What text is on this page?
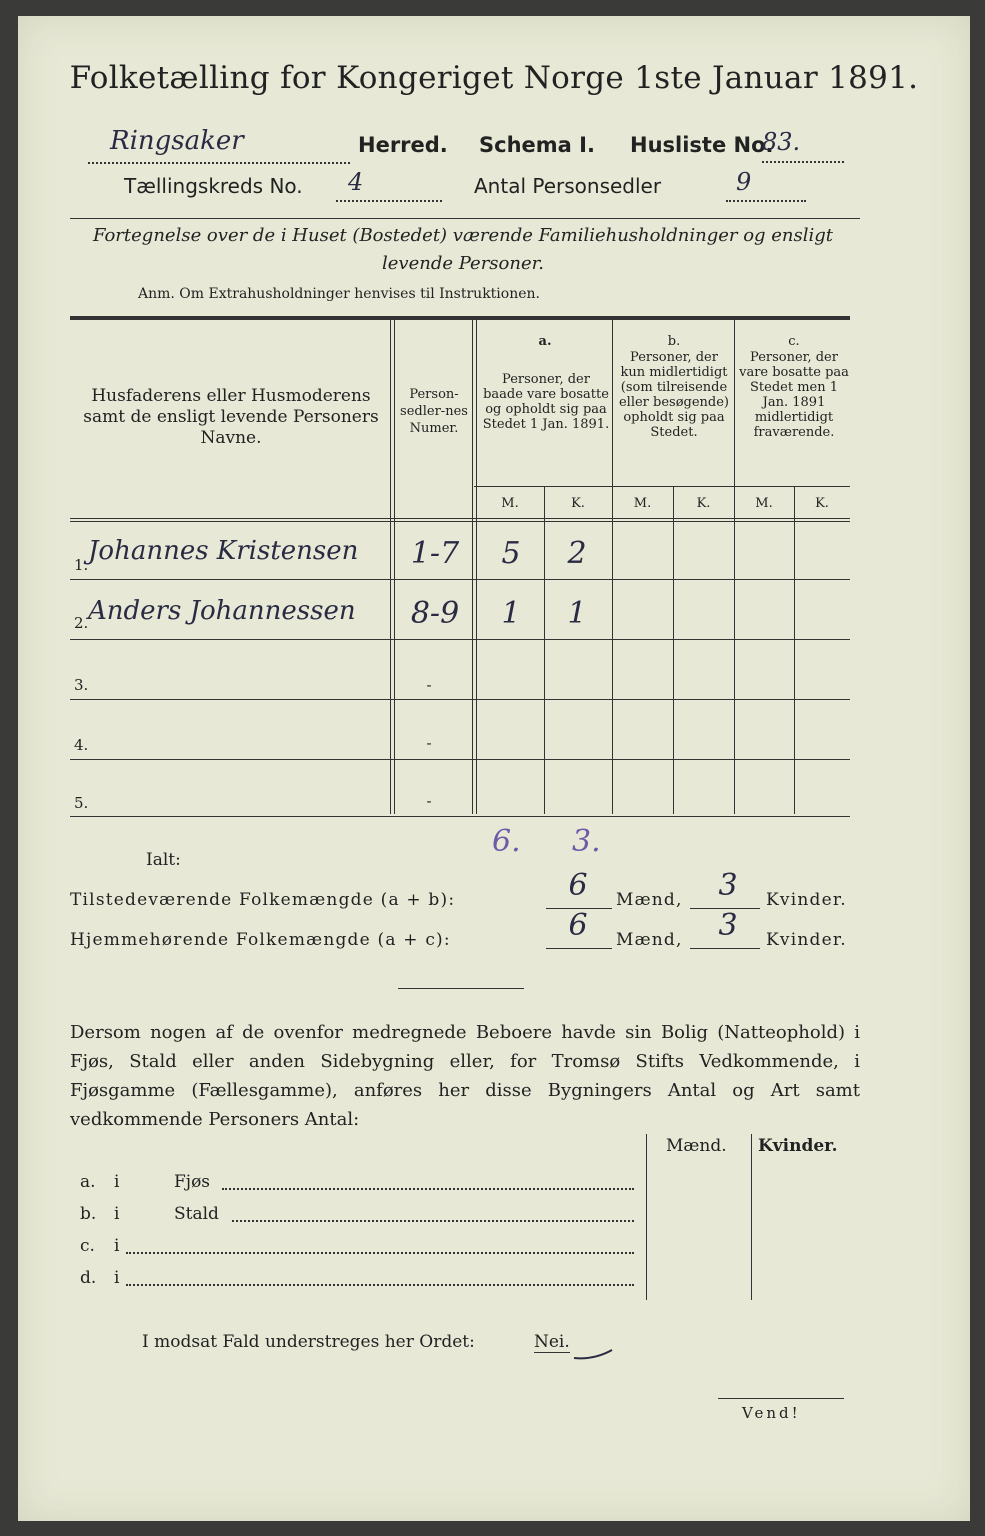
Folketælling for Kongeriget Norge 1ste Januar 1891.
Ringsaker	Herred. Schema I. Husliste No.
83.
Tællingskreds No. 4	Antal Personsedler	9
Fortegnelse over de i Huset (Bostedet) værende Familiehusholdninger og ensligt levende Personer.
Anm. Om Extrahusholdninger henvises til Instruktionen.
Husfaderens eller Husmoderens samt de ensligt levende Personers Navne.
Person-sedler-nes Numer.
a.
Personer, der baade vare bosatte og opholdt sig paa Stedet 1 Jan. 1891.
b.
Personer, der kun midlertidigt (som tilreisende eller besøgende) opholdt sig paa Stedet.
c.
Personer, der vare bosatte paa Stedet men 1 Jan. 1891 midlertidigt fraværende.
M.	K.	M.	K.	M.	K.
1. Johannes Kristensen 1-7	5	2
2. Anders Johannessen 8-9	1	1
3.	-
4.	-
5.	-
Ialt:
6. 3.
Tilstedeværende Folkemængde (a + b):	6	Mænd,	3	Kvinder.
Hjemmehørende Folkemængde (a + c):	6	Mænd,	3	Kvinder.
Dersom nogen af de ovenfor medregnede Beboere havde sin Bolig (Natteophold) i Fjøs, Stald eller anden Sidebygning eller, for Tromsø Stifts Vedkommende, i Fjøsgamme (Fællesgamme), anføres her disse Bygningers Antal og Art samt vedkommende Personers Antal:
Mænd. Kvinder.
a. i	Fjøs
b. i	Stald
c. i
d. i
I modsat Fald understreges her Ordet:	Nei.
Vend!
